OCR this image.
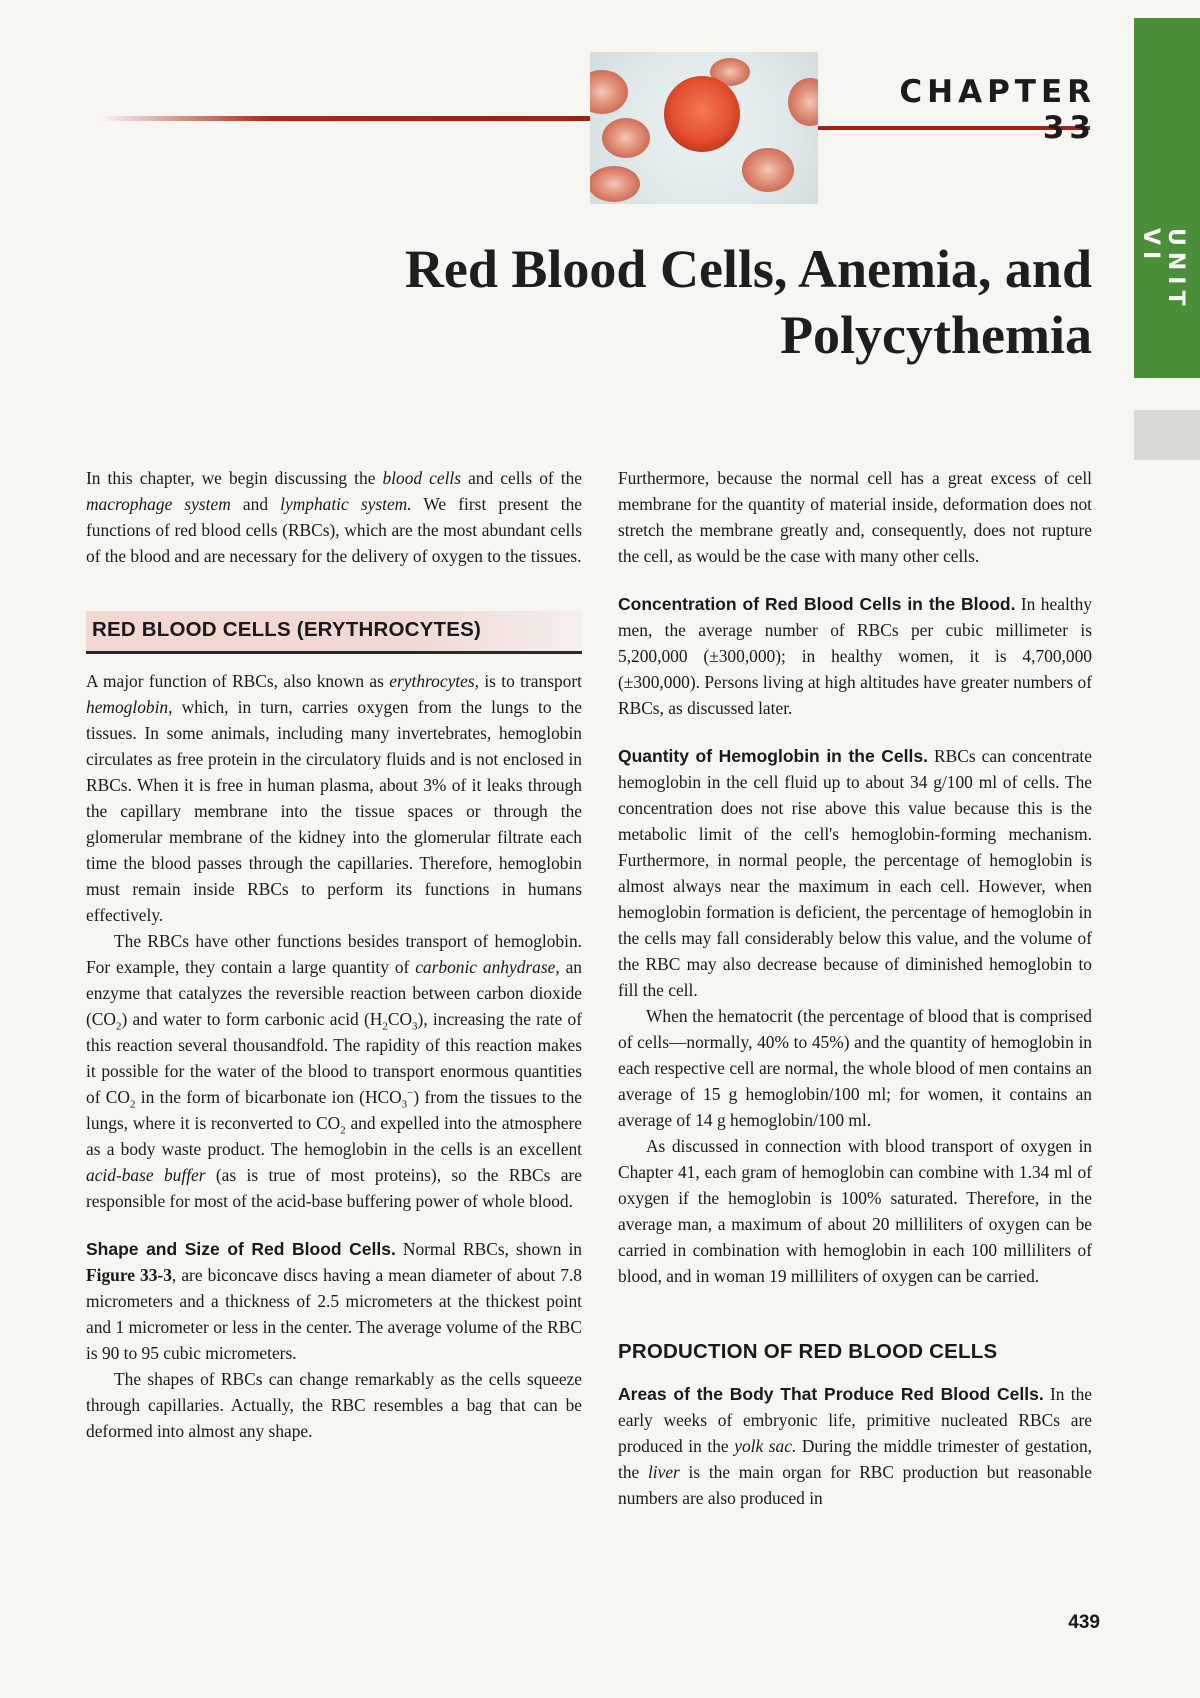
CHAPTER 33
Red Blood Cells, Anemia, and
Polycythemia
UNIT VI

In this chapter, we begin discussing the blood cells and cells of the macrophage system and lymphatic system. We first present the functions of red blood cells (RBCs), which are the most abundant cells of the blood and are necessary for the delivery of oxygen to the tissues.

RED BLOOD CELLS (ERYTHROCYTES)

A major function of RBCs, also known as erythrocytes, is to transport hemoglobin, which, in turn, carries oxygen from the lungs to the tissues. In some animals, including many invertebrates, hemoglobin circulates as free protein in the circulatory fluids and is not enclosed in RBCs. When it is free in human plasma, about 3% of it leaks through the capillary membrane into the tissue spaces or through the glomerular membrane of the kidney into the glomerular filtrate each time the blood passes through the capillaries. Therefore, hemoglobin must remain inside RBCs to perform its functions in humans effectively.

The RBCs have other functions besides transport of hemoglobin. For example, they contain a large quantity of carbonic anhydrase, an enzyme that catalyzes the reversible reaction between carbon dioxide $(CO_2)$ and water to form carbonic acid $(H_2CO_3)$, increasing the rate of this reaction several thousandfold. The rapidity of this reaction makes it possible for the water of the blood to transport enormous quantities of $CO_2$ in the form of bicarbonate ion $(HCO_3^-)$ from the tissues to the lungs, where it is reconverted to $CO_2$ and expelled into the atmosphere as a body waste product. The hemoglobin in the cells is an excellent acid-base buffer (as is true of most proteins), so the RBCs are responsible for most of the acid-base buffering power of whole blood.

Shape and Size of Red Blood Cells. Normal RBCs, shown in Figure 33-3, are biconcave discs having a mean diameter of about 7.8 micrometers and a thickness of 2.5 micrometers at the thickest point and 1 micrometer or less in the center. The average volume of the RBC is 90 to 95 cubic micrometers.

The shapes of RBCs can change remarkably as the cells squeeze through capillaries. Actually, the RBC resembles a bag that can be deformed into almost any shape.

Furthermore, because the normal cell has a great excess of cell membrane for the quantity of material inside, deformation does not stretch the membrane greatly and, consequently, does not rupture the cell, as would be the case with many other cells.

Concentration of Red Blood Cells in the Blood. In healthy men, the average number of RBCs per cubic millimeter is 5,200,000 (±300,000); in healthy women, it is 4,700,000 (±300,000). Persons living at high altitudes have greater numbers of RBCs, as discussed later.

Quantity of Hemoglobin in the Cells. RBCs can concentrate hemoglobin in the cell fluid up to about 34 g/100 ml of cells. The concentration does not rise above this value because this is the metabolic limit of the cell's hemoglobin-forming mechanism. Furthermore, in normal people, the percentage of hemoglobin is almost always near the maximum in each cell. However, when hemoglobin formation is deficient, the percentage of hemoglobin in the cells may fall considerably below this value, and the volume of the RBC may also decrease because of diminished hemoglobin to fill the cell.

When the hematocrit (the percentage of blood that is comprised of cells—normally, 40% to 45%) and the quantity of hemoglobin in each respective cell are normal, the whole blood of men contains an average of 15 g hemoglobin/100 ml; for women, it contains an average of 14 g hemoglobin/100 ml.

As discussed in connection with blood transport of oxygen in Chapter 41, each gram of hemoglobin can combine with 1.34 ml of oxygen if the hemoglobin is 100% saturated. Therefore, in the average man, a maximum of about 20 milliliters of oxygen can be carried in combination with hemoglobin in each 100 milliliters of blood, and in woman 19 milliliters of oxygen can be carried.

PRODUCTION OF RED BLOOD CELLS

Areas of the Body That Produce Red Blood Cells. In the early weeks of embryonic life, primitive nucleated RBCs are produced in the yolk sac. During the middle trimester of gestation, the liver is the main organ for RBC production but reasonable numbers are also produced in

439
